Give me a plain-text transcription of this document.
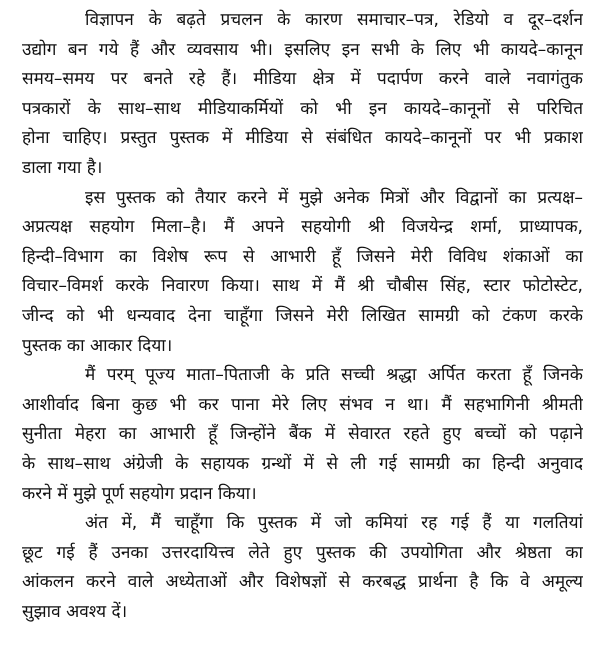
विज्ञापन के बढ़ते प्रचलन के कारण समाचार–पत्र, रेडियो व दूर–दर्शन
उद्योग बन गये हैं और व्यवसाय भी। इसलिए इन सभी के लिए भी कायदे–कानून
समय–समय पर बनते रहे हैं। मीडिया क्षेत्र में पदार्पण करने वाले नवागंतुक
पत्रकारों के साथ–साथ मीडियाकर्मियों को भी इन कायदे–कानूनों से परिचित
होना चाहिए। प्रस्तुत पुस्तक में मीडिया से संबंधित कायदे–कानूनों पर भी प्रकाश
डाला गया है।
इस पुस्तक को तैयार करने में मुझे अनेक मित्रों और विद्वानों का प्रत्यक्ष–
अप्रत्यक्ष सहयोग मिला–है। मैं अपने सहयोगी श्री विजयेन्द्र शर्मा, प्राध्यापक,
हिन्दी–विभाग का विशेष रूप से आभारी हूँ जिसने मेरी विविध शंकाओं का
विचार–विमर्श करके निवारण किया। साथ में मैं श्री चौबीस सिंह, स्टार फोटोस्टेट,
जीन्द को भी धन्यवाद देना चाहूँगा जिसने मेरी लिखित सामग्री को टंकण करके
पुस्तक का आकार दिया।
मैं परम् पूज्य माता–पिताजी के प्रति सच्ची श्रद्धा अर्पित करता हूँ जिनके
आशीर्वाद बिना कुछ भी कर पाना मेरे लिए संभव न था। मैं सहभागिनी श्रीमती
सुनीता मेहरा का आभारी हूँ जिन्होंने बैंक में सेवारत रहते हुए बच्चों को पढ़ाने
के साथ–साथ अंग्रेजी के सहायक ग्रन्थों में से ली गई सामग्री का हिन्दी अनुवाद
करने में मुझे पूर्ण सहयोग प्रदान किया।
अंत में, मैं चाहूँगा कि पुस्तक में जो कमियां रह गई हैं या गलतियां
छूट गई हैं उनका उत्तरदायित्त्व लेते हुए पुस्तक की उपयोगिता और श्रेष्ठता का
आंकलन करने वाले अध्येताओं और विशेषज्ञों से करबद्ध प्रार्थना है कि वे अमूल्य
सुझाव अवश्य दें।
